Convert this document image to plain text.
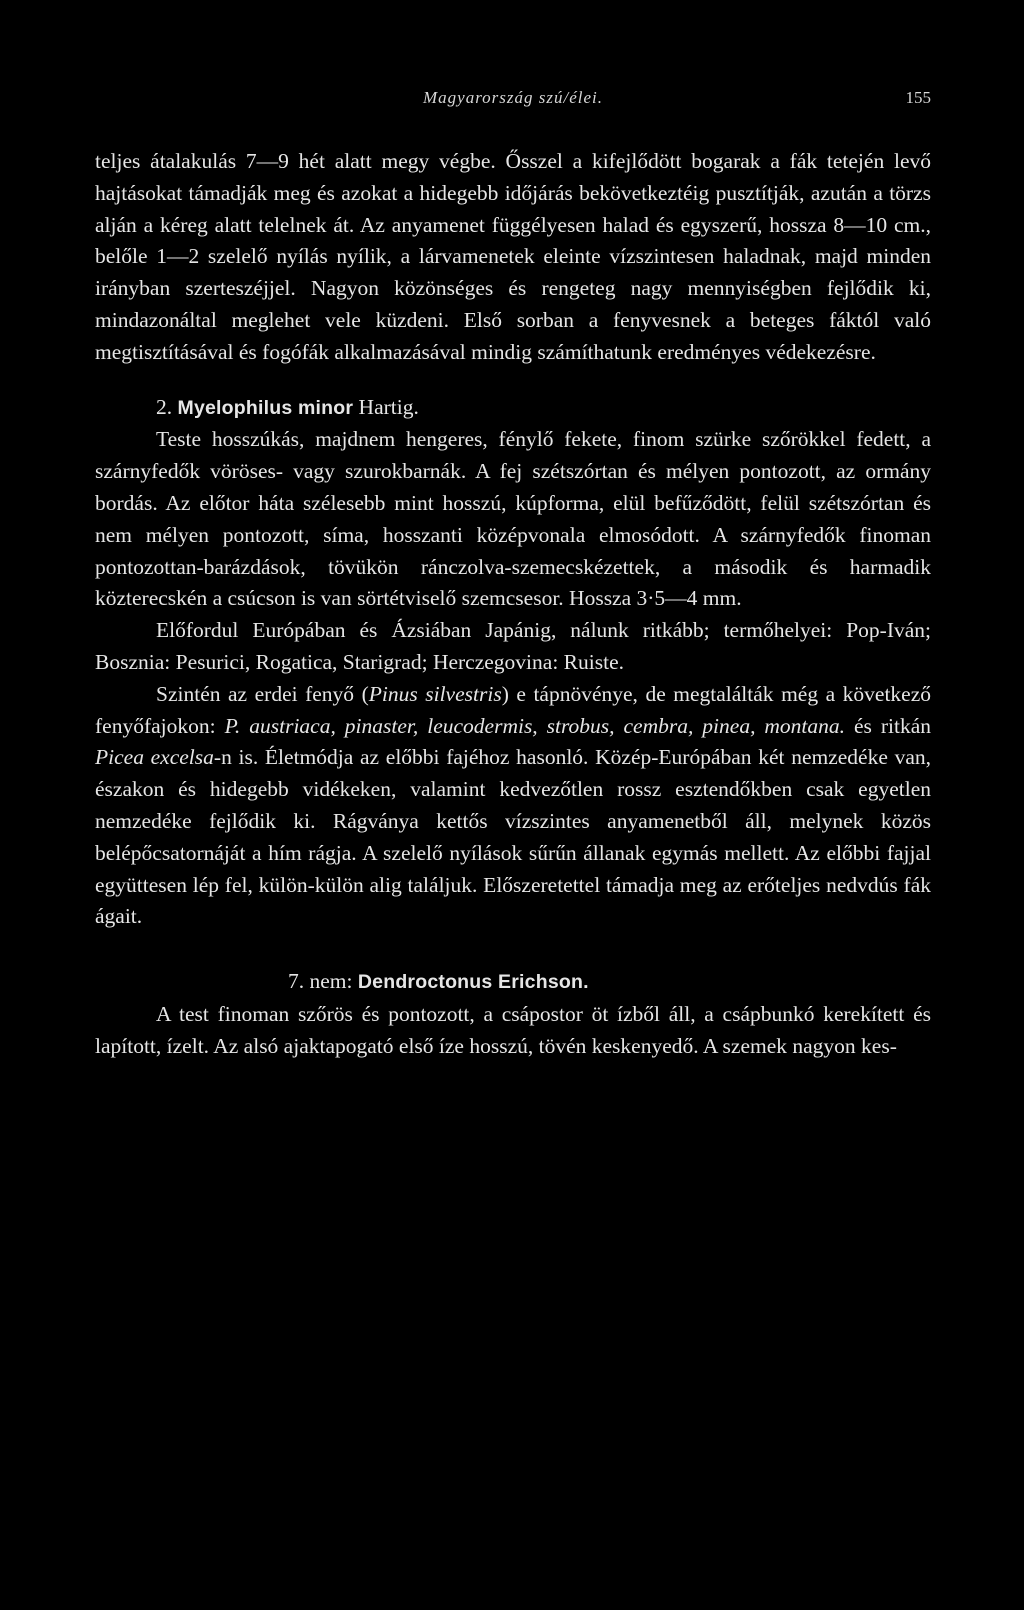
Magyarország szú/élei.	155

teljes átalakulás 7—9 hét alatt megy végbe. Ősszel a kifejlődött bogarak a fák tetején levő hajtásokat támadják meg és azokat a hidegebb időjárás bekövetkeztéig pusztítják, azután a törzs alján a kéreg alatt telelnek át. Az anyamenet függélyesen halad és egyszerű, hossza 8—10 cm., belőle 1—2 szelelő nyílás nyílik, a lárvamenetek eleinte vízszintesen haladnak, majd minden irányban szerteszéjjel. Nagyon közönséges és rengeteg nagy mennyiségben fejlődik ki, mindazonáltal meglehet vele küzdeni. Első sorban a fenyvesnek a beteges fáktól való megtisztításával és fogófák alkalmazásával mindig számíthatunk eredményes védekezésre.

2. Myelophilus minor Hartig.

Teste hosszúkás, majdnem hengeres, fénylő fekete, finom szürke szőrökkel fedett, a szárnyfedők vöröses- vagy szurokbarnák. A fej szétszórtan és mélyen pontozott, az ormány bordás. Az előtor háta szélesebb mint hosszú, kúpforma, elül befűződött, felül szétszórtan és nem mélyen pontozott, síma, hosszanti középvonala elmosódott. A szárnyfedők finoman pontozottan-barázdások, tövükön ránczolva-szemecskézettek, a második és harmadik közterecskén a csúcson is van sörtétviselő szemcsesor. Hossza 3·5—4 mm.

Előfordul Európában és Ázsiában Japánig, nálunk ritkább; termőhelyei: Pop-Iván; Bosznia: Pesurici, Rogatica, Starigrad; Herczegovina: Ruiste.

Szintén az erdei fenyő (Pinus silvestris) e tápnövénye, de megtalálták még a következő fenyőfajokon: P. austriaca, pinaster, leucodermis, strobus, cembra, pinea, montana. és ritkán Picea excelsa-n is. Életmódja az előbbi fajéhoz hasonló. Közép-Európában két nemzedéke van, északon és hidegebb vidékeken, valamint kedvezőtlen rossz esztendőkben csak egyetlen nemzedéke fejlődik ki. Rágványa kettős vízszintes anyamenetből áll, melynek közös belépőcsatornáját a hím rágja. A szelelő nyílások sűrűn állanak egymás mellett. Az előbbi fajjal együttesen lép fel, külön-külön alig találjuk. Előszeretettel támadja meg az erőteljes nedvdús fák ágait.

7. nem: Dendroctonus Erichson.

A test finoman szőrös és pontozott, a csápostor öt ízből áll, a csápbunkó kerekített és lapított, ízelt. Az alsó ajaktapogató első íze hosszú, tövén keskenyedő. A szemek nagyon kes-
